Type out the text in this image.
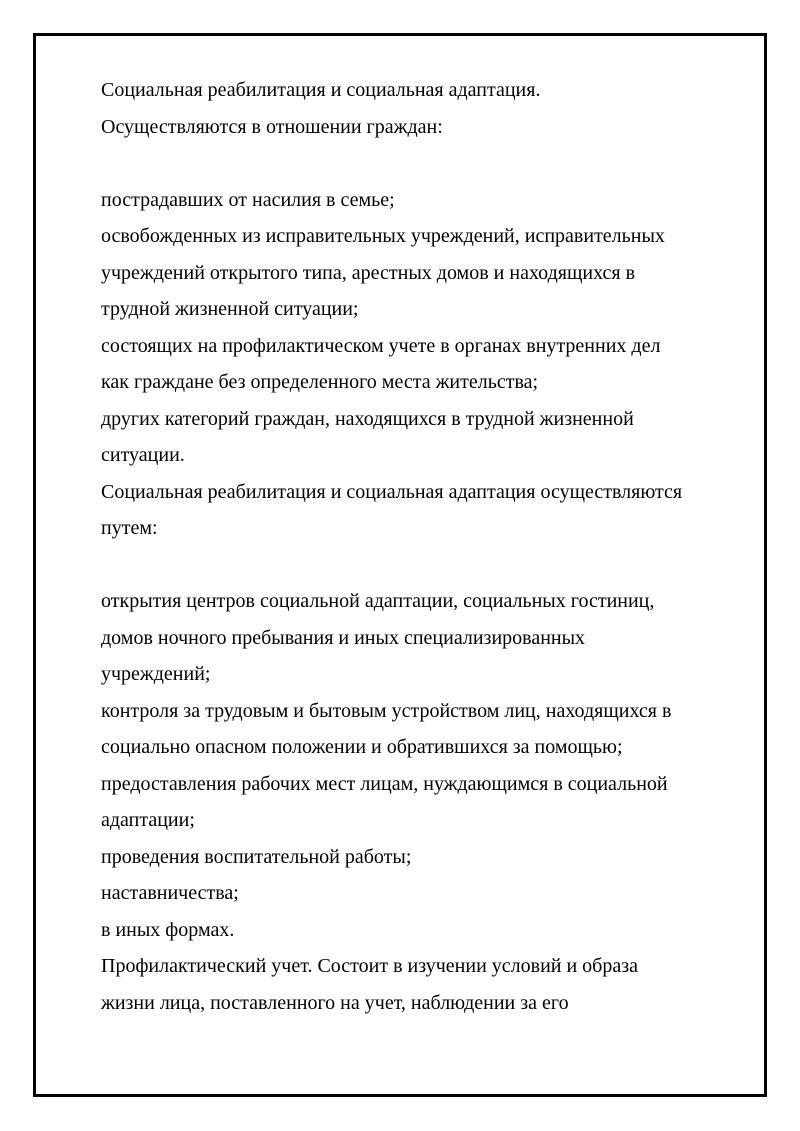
Социальная реабилитация и социальная адаптация.
Осуществляются в отношении граждан:
пострадавших от насилия в семье;
освобожденных из исправительных учреждений, исправительных
учреждений открытого типа, арестных домов и находящихся в
трудной жизненной ситуации;
состоящих на профилактическом учете в органах внутренних дел
как граждане без определенного места жительства;
других категорий граждан, находящихся в трудной жизненной
ситуации.
Социальная реабилитация и социальная адаптация осуществляются
путем:
открытия центров социальной адаптации, социальных гостиниц,
домов ночного пребывания и иных специализированных
учреждений;
контроля за трудовым и бытовым устройством лиц, находящихся в
социально опасном положении и обратившихся за помощью;
предоставления рабочих мест лицам, нуждающимся в социальной
адаптации;
проведения воспитательной работы;
наставничества;
в иных формах.
Профилактический учет. Состоит в изучении условий и образа
жизни лица, поставленного на учет, наблюдении за его
